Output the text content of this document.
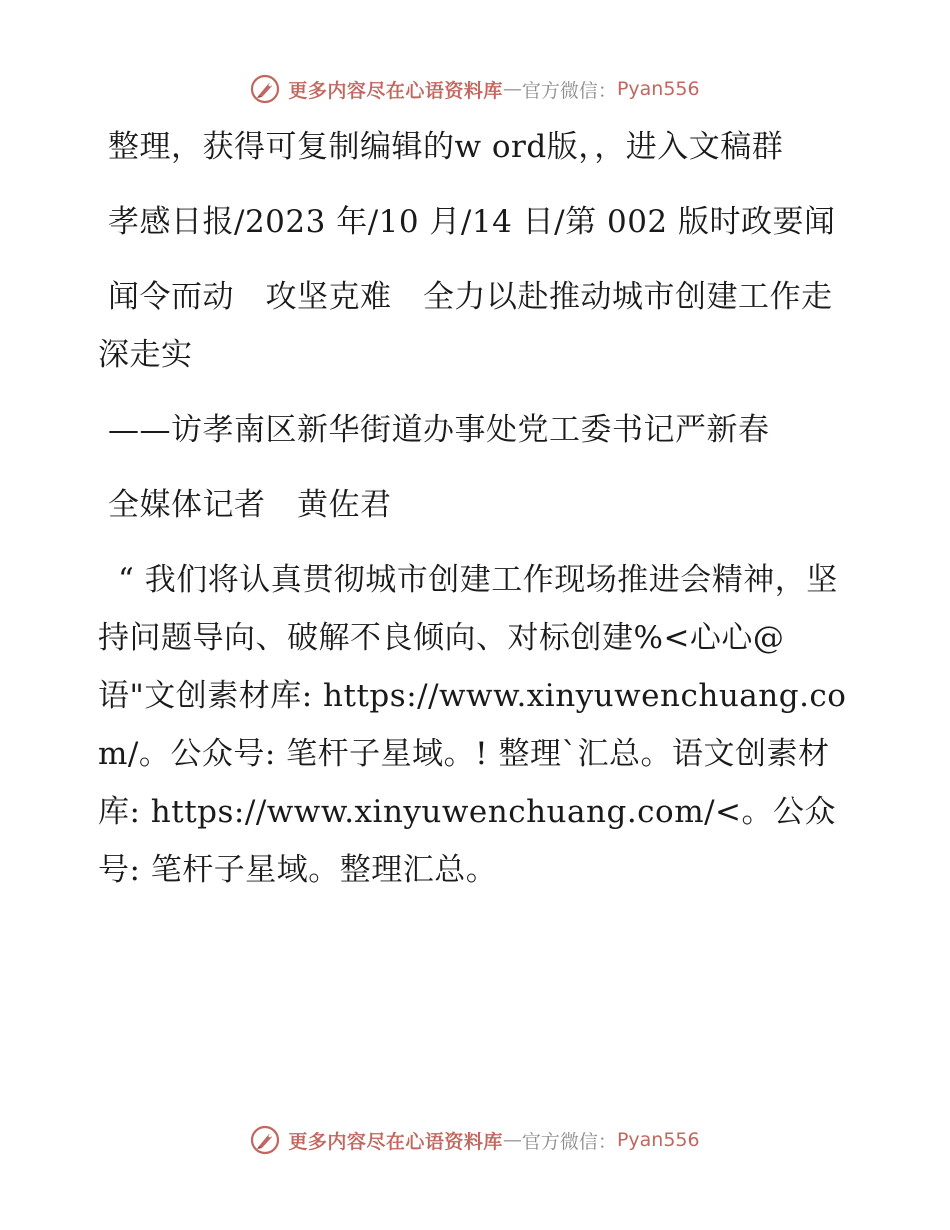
更多内容尽在心语资料库 — 官方微信： Pyan556

整理，获得可复制编辑的w ord版，，进入文稿群

孝感日报/2023 年/10 月/14 日/第 002 版时政要闻

闻令而动　攻坚克难　全力以赴推动城市创建工作走深走实

——访孝南区新华街道办事处党工委书记严新春

全媒体记者　黄佐君

“ 我们将认真贯彻城市创建工作现场推进会精神，坚持问题导向、破解不良倾向、对标创建%<心心@语"文创素材库: https://www.xinyuwenchuang.com/。公众号: 笔杆子星域。! 整理`汇总。语文创素材库: https://www.xinyuwenchuang.com/<。公众号: 笔杆子星域。整理汇总。

更多内容尽在心语资料库 — 官方微信： Pyan556
